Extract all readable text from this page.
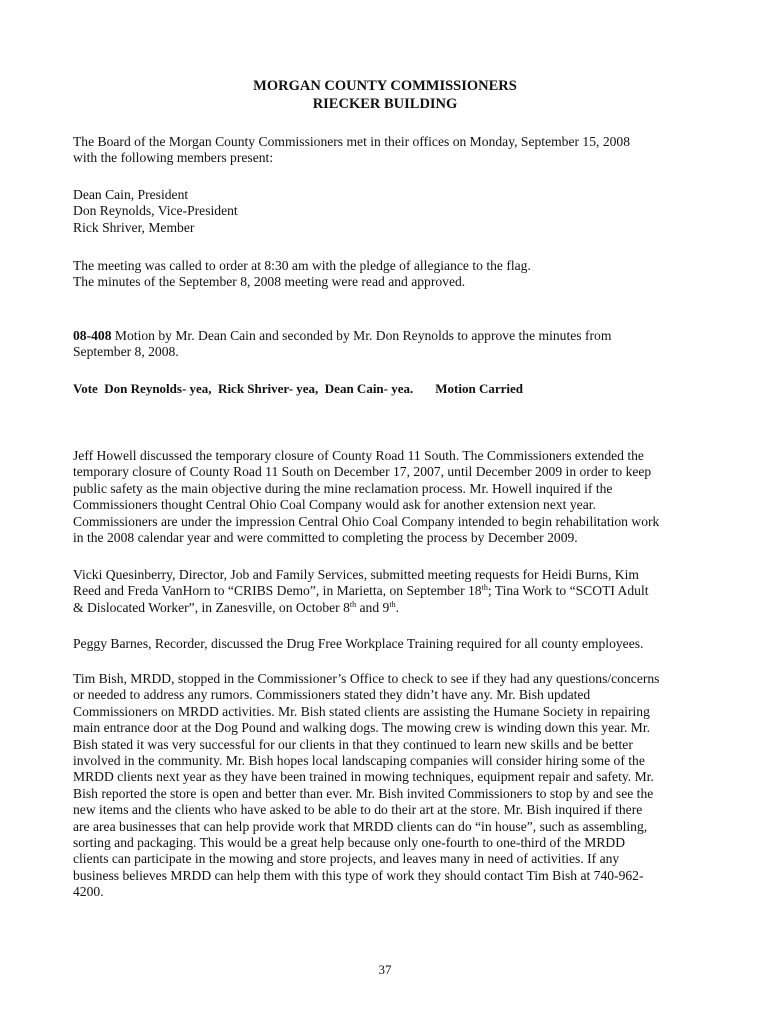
MORGAN COUNTY COMMISSIONERS
RIECKER BUILDING
The Board of the Morgan County Commissioners met in their offices on Monday, September 15, 2008
with the following members present:
Dean Cain, President
Don Reynolds, Vice-President
Rick Shriver, Member
The meeting was called to order at 8:30 am with the pledge of allegiance to the flag.
The minutes of the September 8, 2008 meeting were read and approved.
08-408 Motion by Mr. Dean Cain and seconded by Mr. Don Reynolds to approve the minutes from
September 8, 2008.
Vote  Don Reynolds- yea,  Rick Shriver- yea,  Dean Cain- yea. Motion Carried
Jeff Howell discussed the temporary closure of County Road 11 South. The Commissioners extended the
temporary closure of County Road 11 South on December 17, 2007, until December 2009 in order to keep
public safety as the main objective during the mine reclamation process. Mr. Howell inquired if the
Commissioners thought Central Ohio Coal Company would ask for another extension next year.
Commissioners are under the impression Central Ohio Coal Company intended to begin rehabilitation work
in the 2008 calendar year and were committed to completing the process by December 2009.
Vicki Quesinberry, Director, Job and Family Services, submitted meeting requests for Heidi Burns, Kim
Reed and Freda VanHorn to “CRIBS Demo”, in Marietta, on September 18th; Tina Work to “SCOTI Adult
& Dislocated Worker”, in Zanesville, on October 8th and 9th.
Peggy Barnes, Recorder, discussed the Drug Free Workplace Training required for all county employees.
Tim Bish, MRDD, stopped in the Commissioner’s Office to check to see if they had any questions/concerns
or needed to address any rumors. Commissioners stated they didn’t have any. Mr. Bish updated
Commissioners on MRDD activities. Mr. Bish stated clients are assisting the Humane Society in repairing
main entrance door at the Dog Pound and walking dogs. The mowing crew is winding down this year. Mr.
Bish stated it was very successful for our clients in that they continued to learn new skills and be better
involved in the community. Mr. Bish hopes local landscaping companies will consider hiring some of the
MRDD clients next year as they have been trained in mowing techniques, equipment repair and safety. Mr.
Bish reported the store is open and better than ever. Mr. Bish invited Commissioners to stop by and see the
new items and the clients who have asked to be able to do their art at the store. Mr. Bish inquired if there
are area businesses that can help provide work that MRDD clients can do “in house”, such as assembling,
sorting and packaging. This would be a great help because only one-fourth to one-third of the MRDD
clients can participate in the mowing and store projects, and leaves many in need of activities. If any
business believes MRDD can help them with this type of work they should contact Tim Bish at 740-962-
4200.
37
